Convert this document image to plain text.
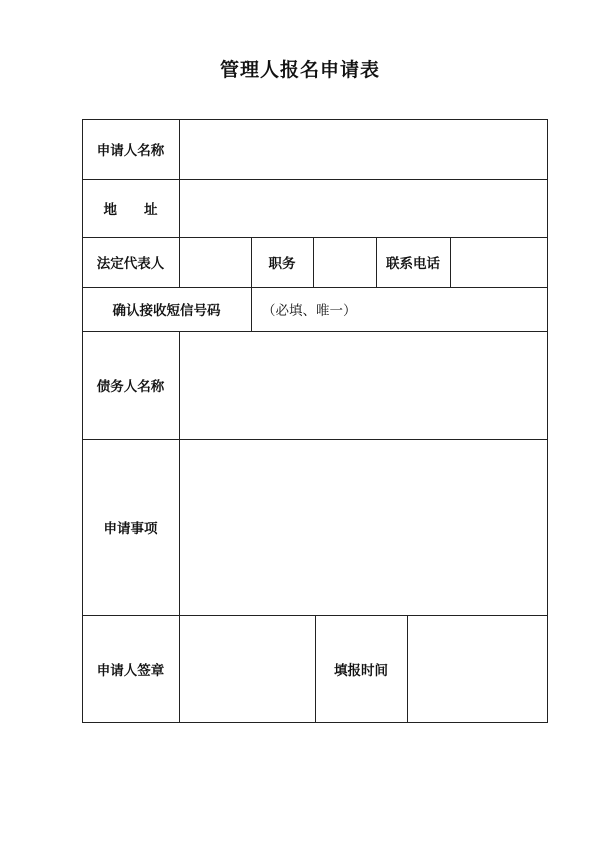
管理人报名申请表
申请人名称
地　　址
法定代表人	职务	联系电话
确认接收短信号码	（必填、唯一）
债务人名称
申请事项
申请人签章	填报时间
